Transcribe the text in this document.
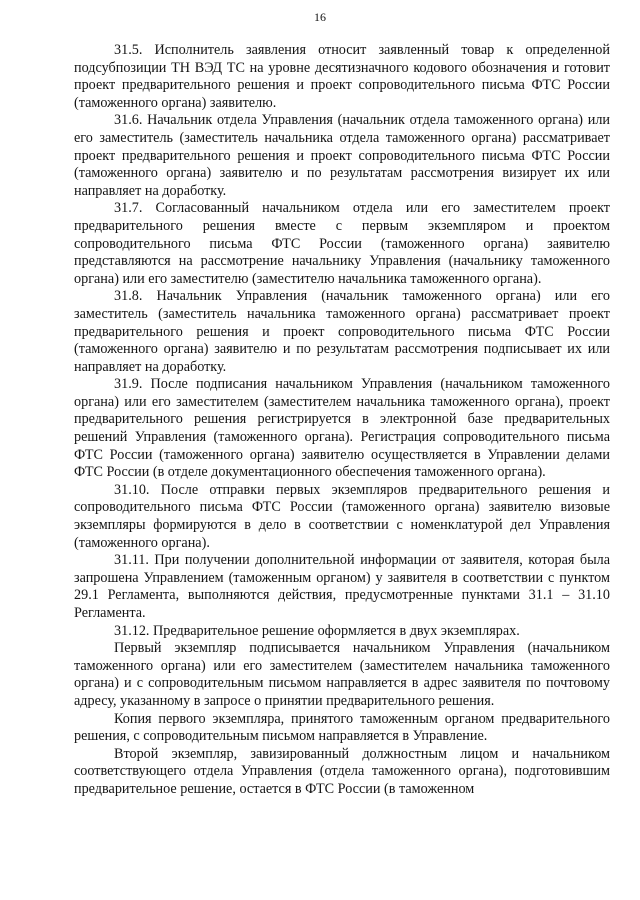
16

31.5. Исполнитель заявления относит заявленный товар к определенной подсубпозиции ТН ВЭД ТС на уровне десятизначного кодового обозначения и готовит проект предварительного решения и проект сопроводительного письма ФТС России (таможенного органа) заявителю.

31.6. Начальник отдела Управления (начальник отдела таможенного органа) или его заместитель (заместитель начальника отдела таможенного органа) рассматривает проект предварительного решения и проект сопроводительного письма ФТС России (таможенного органа) заявителю и по результатам рассмотрения визирует их или направляет на доработку.

31.7. Согласованный начальником отдела или его заместителем проект предварительного решения вместе с первым экземпляром и проектом сопроводительного письма ФТС России (таможенного органа) заявителю представляются на рассмотрение начальнику Управления (начальнику таможенного органа) или его заместителю (заместителю начальника таможенного органа).

31.8. Начальник Управления (начальник таможенного органа) или его заместитель (заместитель начальника таможенного органа) рассматривает проект предварительного решения и проект сопроводительного письма ФТС России (таможенного органа) заявителю и по результатам рассмотрения подписывает их или направляет на доработку.

31.9. После подписания начальником Управления (начальником таможенного органа) или его заместителем (заместителем начальника таможенного органа), проект предварительного решения регистрируется в электронной базе предварительных решений Управления (таможенного органа). Регистрация сопроводительного письма ФТС России (таможенного органа) заявителю осуществляется в Управлении делами ФТС России (в отделе документационного обеспечения таможенного органа).

31.10. После отправки первых экземпляров предварительного решения и сопроводительного письма ФТС России (таможенного органа) заявителю визовые экземпляры формируются в дело в соответствии с номенклатурой дел Управления (таможенного органа).

31.11. При получении дополнительной информации от заявителя, которая была запрошена Управлением (таможенным органом) у заявителя в соответствии с пунктом 29.1 Регламента, выполняются действия, предусмотренные пунктами 31.1 – 31.10 Регламента.

31.12. Предварительное решение оформляется в двух экземплярах.

Первый экземпляр подписывается начальником Управления (начальником таможенного органа) или его заместителем (заместителем начальника таможенного органа) и с сопроводительным письмом направляется в адрес заявителя по почтовому адресу, указанному в запросе о принятии предварительного решения.

Копия первого экземпляра, принятого таможенным органом предварительного решения, с сопроводительным письмом направляется в Управление.

Второй экземпляр, завизированный должностным лицом и начальником соответствующего отдела Управления (отдела таможенного органа), подготовившим предварительное решение, остается в ФТС России (в таможенном
